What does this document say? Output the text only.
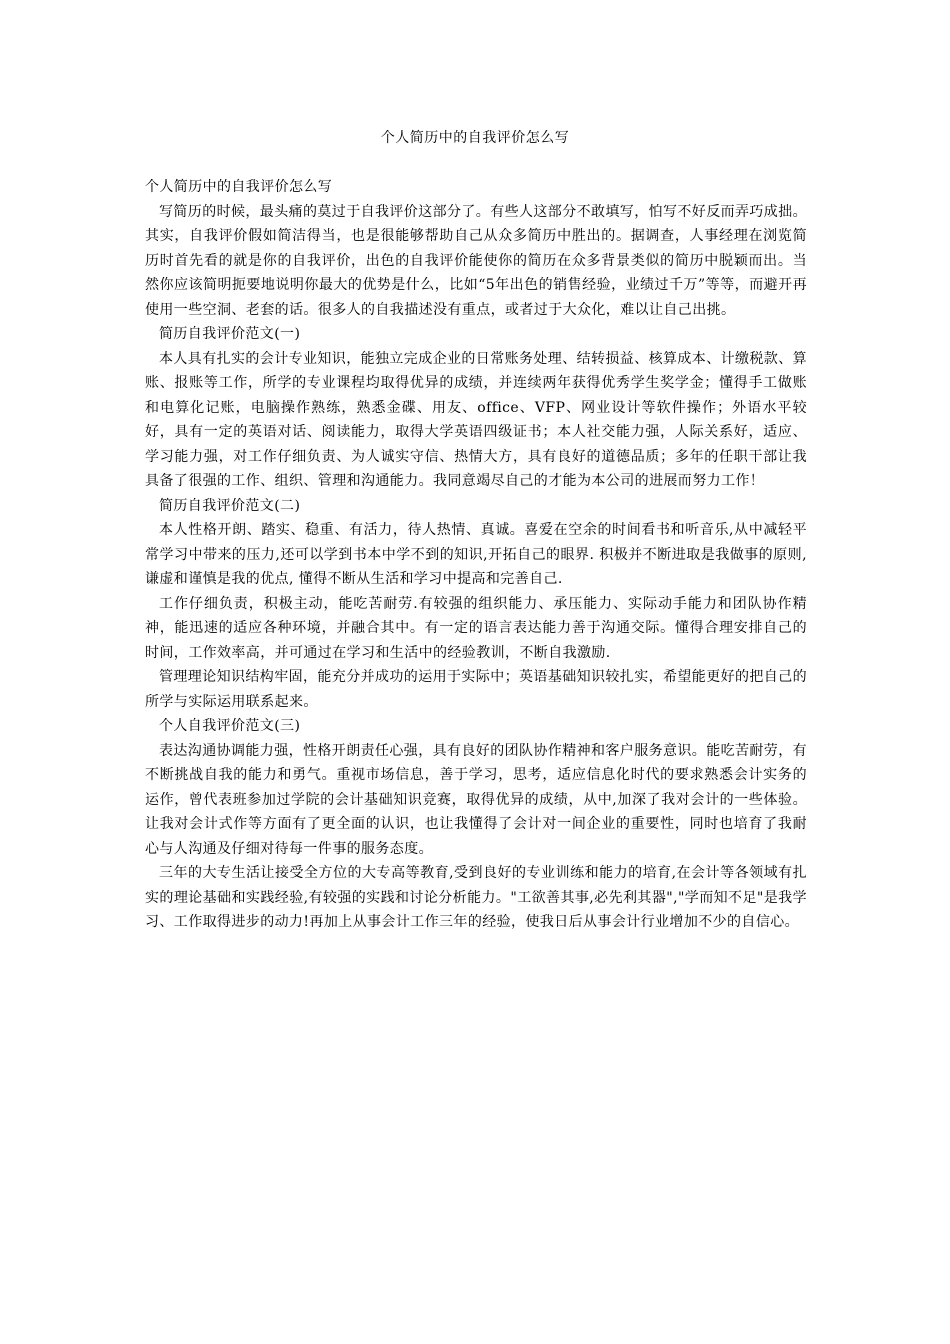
个人简历中的自我评价怎么写

个人简历中的自我评价怎么写

写简历的时候，最头痛的莫过于自我评价这部分了。有些人这部分不敢填写，怕写不好反而弄巧成拙。其实，自我评价假如简洁得当，也是很能够帮助自己从众多简历中胜出的。据调查，人事经理在浏览简历时首先看的就是你的自我评价，出色的自我评价能使你的简历在众多背景类似的简历中脱颖而出。当然你应该简明扼要地说明你最大的优势是什么，比如“5年出色的销售经验，业绩过千万”等等，而避开再使用一些空洞、老套的话。很多人的自我描述没有重点，或者过于大众化，难以让自己出挑。

简历自我评价范文(一)

本人具有扎实的会计专业知识，能独立完成企业的日常账务处理、结转损益、核算成本、计缴税款、算账、报账等工作，所学的专业课程均取得优异的成绩，并连续两年获得优秀学生奖学金；懂得手工做账和电算化记账，电脑操作熟练，熟悉金碟、用友、office、VFP、网业设计等软件操作；外语水平较好，具有一定的英语对话、阅读能力，取得大学英语四级证书；本人社交能力强，人际关系好，适应、学习能力强，对工作仔细负责、为人诚实守信、热情大方，具有良好的道德品质；多年的任职干部让我具备了很强的工作、组织、管理和沟通能力。我同意竭尽自己的才能为本公司的进展而努力工作！

简历自我评价范文(二)

本人性格开朗、踏实、稳重、有活力，待人热情、真诚。喜爱在空余的时间看书和听音乐,从中减轻平常学习中带来的压力,还可以学到书本中学不到的知识,开拓自己的眼界. 积极并不断进取是我做事的原则,谦虚和谨慎是我的优点, 懂得不断从生活和学习中提高和完善自己.

工作仔细负责，积极主动，能吃苦耐劳.有较强的组织能力、承压能力、实际动手能力和团队协作精神，能迅速的适应各种环境，并融合其中。有一定的语言表达能力善于沟通交际。懂得合理安排自己的时间，工作效率高，并可通过在学习和生活中的经验教训，不断自我激励.

管理理论知识结构牢固，能充分并成功的运用于实际中；英语基础知识较扎实，希望能更好的把自己的所学与实际运用联系起来。

个人自我评价范文(三)

表达沟通协调能力强，性格开朗责任心强，具有良好的团队协作精神和客户服务意识。能吃苦耐劳，有不断挑战自我的能力和勇气。重视市场信息，善于学习，思考，适应信息化时代的要求熟悉会计实务的运作，曾代表班参加过学院的会计基础知识竞赛，取得优异的成绩，从中,加深了我对会计的一些体验。让我对会计式作等方面有了更全面的认识，也让我懂得了会计对一间企业的重要性，同时也培育了我耐心与人沟通及仔细对待每一件事的服务态度。

三年的大专生活让接受全方位的大专高等教育,受到良好的专业训练和能力的培育,在会计等各领域有扎实的理论基础和实践经验,有较强的实践和讨论分析能力。"工欲善其事,必先利其器","学而知不足"是我学习、工作取得进步的动力!再加上从事会计工作三年的经验，使我日后从事会计行业增加不少的自信心。
